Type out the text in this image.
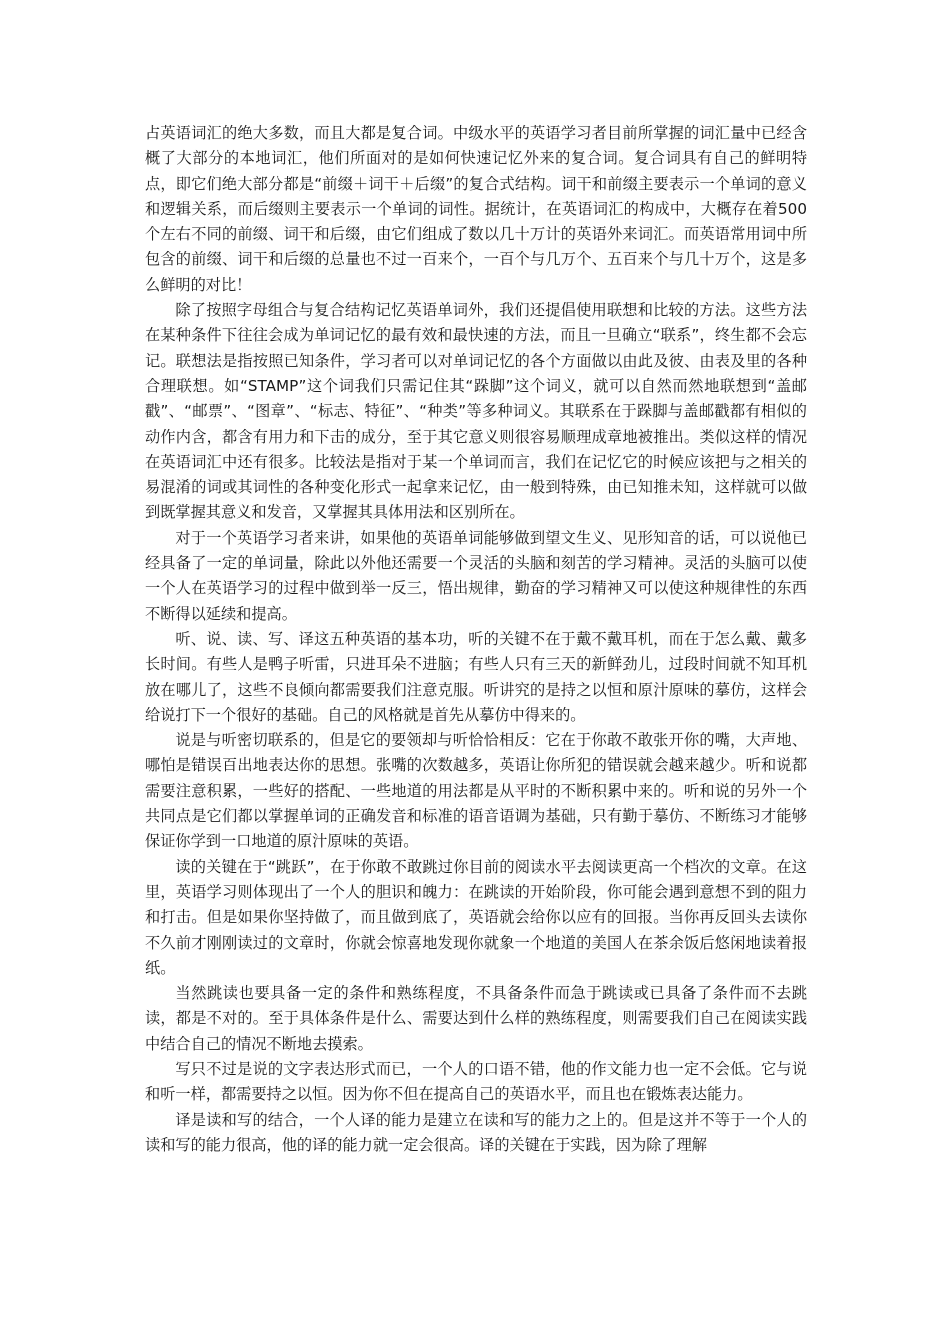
占英语词汇的绝大多数，而且大都是复合词。中级水平的英语学习者目前所掌握的词汇量中已经含概了大部分的本地词汇，他们所面对的是如何快速记忆外来的复合词。复合词具有自己的鲜明特点，即它们绝大部分都是“前缀＋词干＋后缀”的复合式结构。词干和前缀主要表示一个单词的意义和逻辑关系，而后缀则主要表示一个单词的词性。据统计，在英语词汇的构成中，大概存在着500个左右不同的前缀、词干和后缀，由它们组成了数以几十万计的英语外来词汇。而英语常用词中所包含的前缀、词干和后缀的总量也不过一百来个，一百个与几万个、五百来个与几十万个，这是多么鲜明的对比！

除了按照字母组合与复合结构记忆英语单词外，我们还提倡使用联想和比较的方法。这些方法在某种条件下往往会成为单词记忆的最有效和最快速的方法，而且一旦确立“联系”，终生都不会忘记。联想法是指按照已知条件，学习者可以对单词记忆的各个方面做以由此及彼、由表及里的各种合理联想。如“STAMP”这个词我们只需记住其“跺脚”这个词义，就可以自然而然地联想到“盖邮戳”、“邮票”、“图章”、“标志、特征”、“种类”等多种词义。其联系在于跺脚与盖邮戳都有相似的动作内含，都含有用力和下击的成分，至于其它意义则很容易顺理成章地被推出。类似这样的情况在英语词汇中还有很多。比较法是指对于某一个单词而言，我们在记忆它的时候应该把与之相关的易混淆的词或其词性的各种变化形式一起拿来记忆，由一般到特殊，由已知推未知，这样就可以做到既掌握其意义和发音，又掌握其具体用法和区别所在。

对于一个英语学习者来讲，如果他的英语单词能够做到望文生义、见形知音的话，可以说他已经具备了一定的单词量，除此以外他还需要一个灵活的头脑和刻苦的学习精神。灵活的头脑可以使一个人在英语学习的过程中做到举一反三，悟出规律，勤奋的学习精神又可以使这种规律性的东西不断得以延续和提高。

听、说、读、写、译这五种英语的基本功，听的关键不在于戴不戴耳机，而在于怎么戴、戴多长时间。有些人是鸭子听雷，只进耳朵不进脑；有些人只有三天的新鲜劲儿，过段时间就不知耳机放在哪儿了，这些不良倾向都需要我们注意克服。听讲究的是持之以恒和原汁原味的摹仿，这样会给说打下一个很好的基础。自己的风格就是首先从摹仿中得来的。

说是与听密切联系的，但是它的要领却与听恰恰相反：它在于你敢不敢张开你的嘴，大声地、哪怕是错误百出地表达你的思想。张嘴的次数越多，英语让你所犯的错误就会越来越少。听和说都需要注意积累，一些好的搭配、一些地道的用法都是从平时的不断积累中来的。听和说的另外一个共同点是它们都以掌握单词的正确发音和标准的语音语调为基础，只有勤于摹仿、不断练习才能够保证你学到一口地道的原汁原味的英语。

读的关键在于“跳跃”，在于你敢不敢跳过你目前的阅读水平去阅读更高一个档次的文章。在这里，英语学习则体现出了一个人的胆识和魄力：在跳读的开始阶段，你可能会遇到意想不到的阻力和打击。但是如果你坚持做了，而且做到底了，英语就会给你以应有的回报。当你再反回头去读你不久前才刚刚读过的文章时，你就会惊喜地发现你就象一个地道的美国人在茶余饭后悠闲地读着报纸。

当然跳读也要具备一定的条件和熟练程度，不具备条件而急于跳读或已具备了条件而不去跳读，都是不对的。至于具体条件是什么、需要达到什么样的熟练程度，则需要我们自己在阅读实践中结合自己的情况不断地去摸索。

写只不过是说的文字表达形式而已，一个人的口语不错，他的作文能力也一定不会低。它与说和听一样，都需要持之以恒。因为你不但在提高自己的英语水平，而且也在锻炼表达能力。

译是读和写的结合，一个人译的能力是建立在读和写的能力之上的。但是这并不等于一个人的读和写的能力很高，他的译的能力就一定会很高。译的关键在于实践，因为除了理解
